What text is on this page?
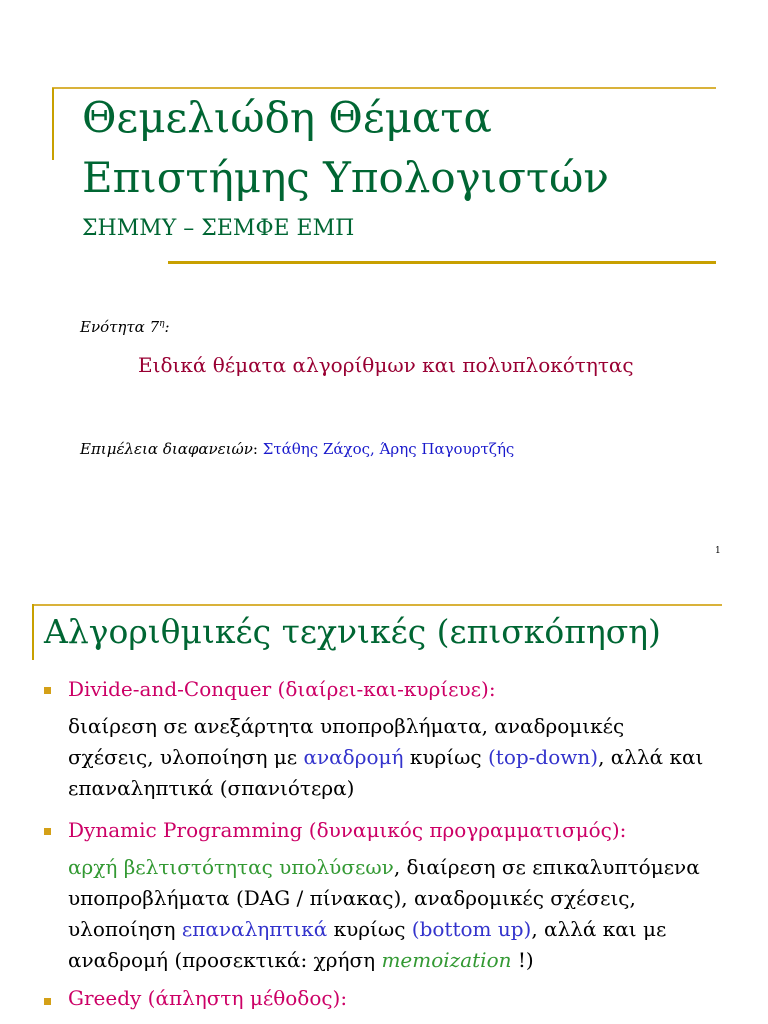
Θεμελιώδη Θέματα
Επιστήμης Υπολογιστών
ΣΗΜΜΥ – ΣΕΜΦΕ ΕΜΠ
Ενότητα $7^\eta$:
Ειδικά θέματα αλγορίθμων και πολυπλοκότητας
Επιμέλεια διαφανειών: Στάθης Ζάχος, Άρης Παγουρτζής
1
Αλγοριθμικές τεχνικές (επισκόπηση)
Divide-and-Conquer (διαίρει-και-κυρίευε):
διαίρεση σε ανεξάρτητα υποπροβλήματα, αναδρομικές
σχέσεις, υλοποίηση με αναδρομή κυρίως (top-down), αλλά και
επαναληπτικά (σπανιότερα)
Dynamic Programming (δυναμικός προγραμματισμός):
αρχή βελτιστότητας υπολύσεων, διαίρεση σε επικαλυπτόμενα
υποπροβλήματα (DAG / πίνακας), αναδρομικές σχέσεις,
υλοποίηση επαναληπτικά κυρίως (bottom up), αλλά και με
αναδρομή (προσεκτικά: χρήση memoization !)
Greedy (άπληστη μέθοδος):
